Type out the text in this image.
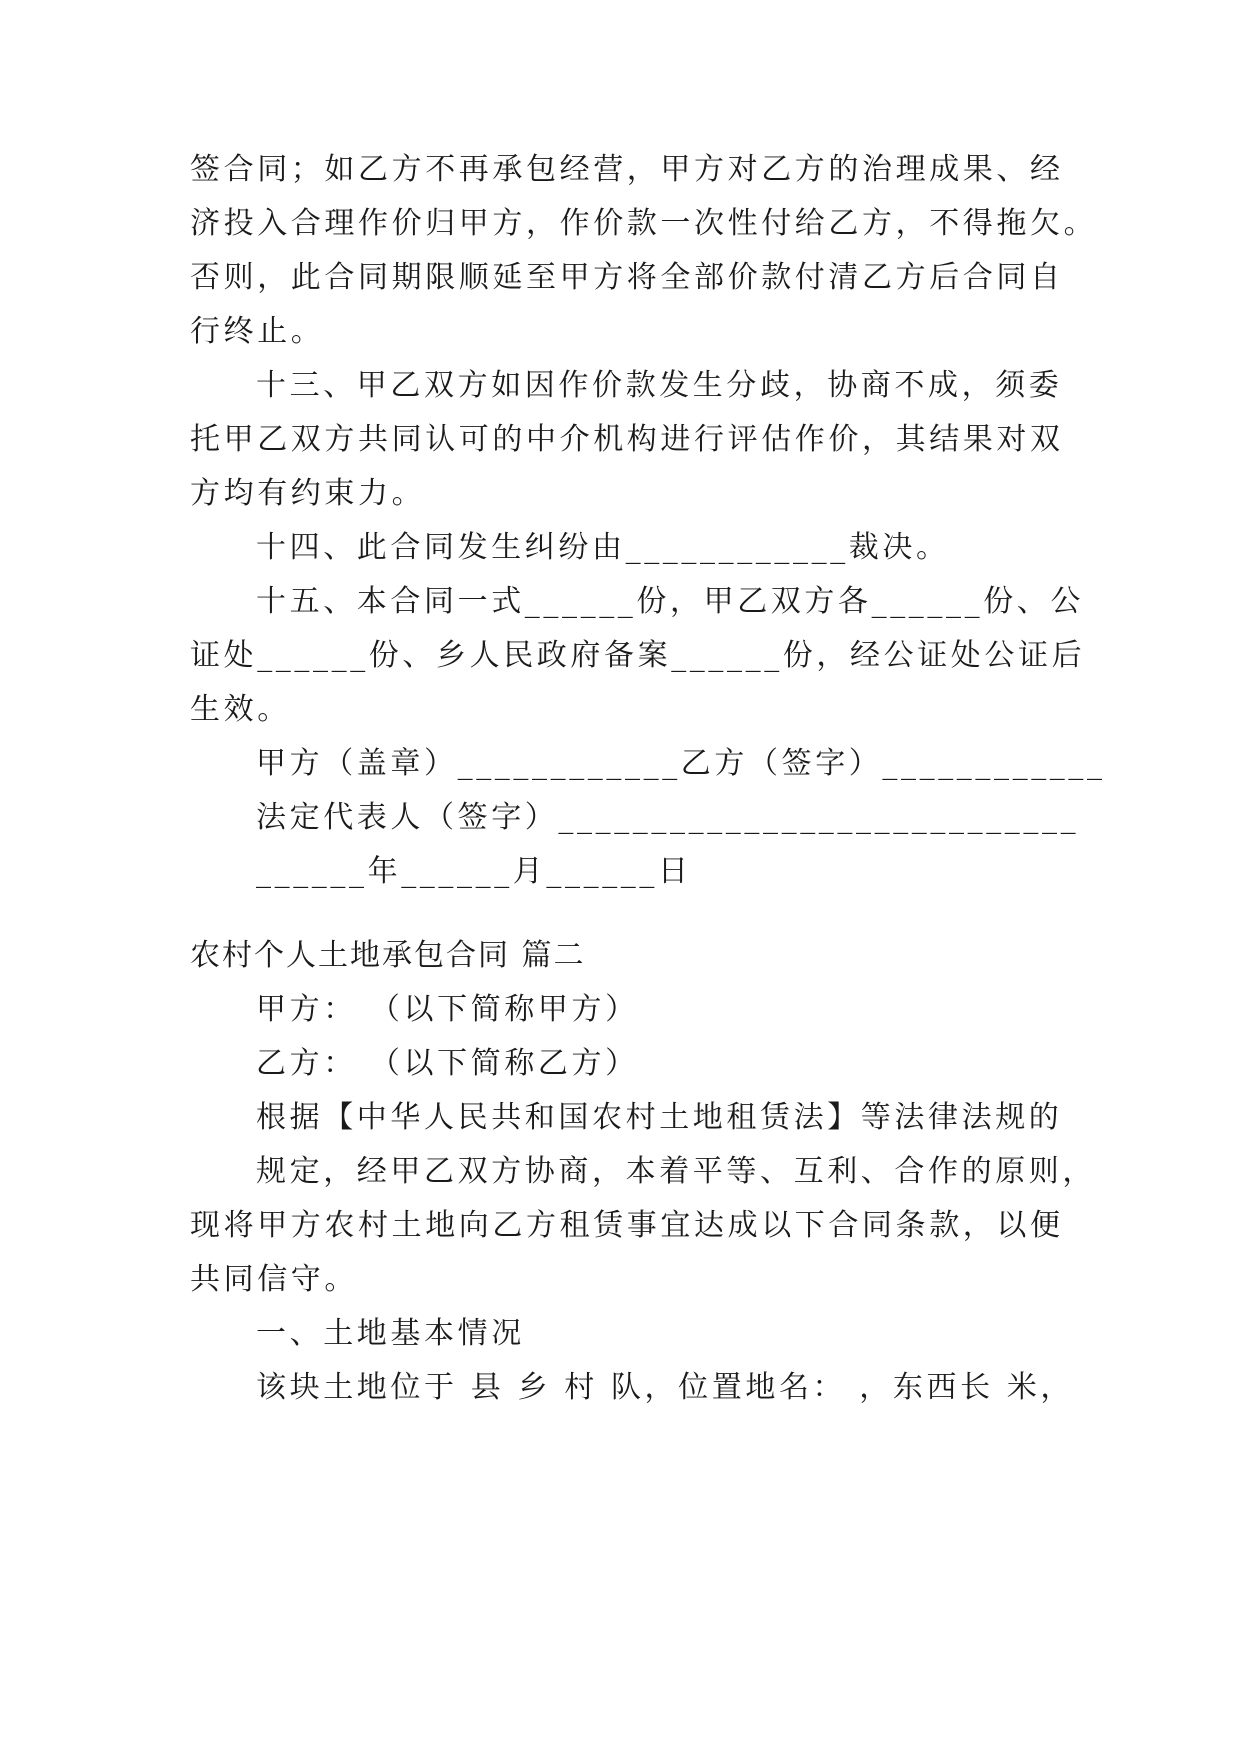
签合同；如乙方不再承包经营，甲方对乙方的治理成果、经
济投入合理作价归甲方，作价款一次性付给乙方，不得拖欠。
否则，此合同期限顺延至甲方将全部价款付清乙方后合同自
行终止。
十三、甲乙双方如因作价款发生分歧，协商不成，须委
托甲乙双方共同认可的中介机构进行评估作价，其结果对双
方均有约束力。
十四、此合同发生纠纷由____________裁决。
十五、本合同一式______份，甲乙双方各______份、公
证处______份、乡人民政府备案______份，经公证处公证后
生效。
甲方（盖章）____________乙方（签字）____________
法定代表人（签字）____________________________
______年______月______日
农村个人土地承包合同 篇二
甲方： （以下简称甲方）
乙方： （以下简称乙方）
根据【中华人民共和国农村土地租赁法】等法律法规的
规定，经甲乙双方协商，本着平等、互利、合作的原则，
现将甲方农村土地向乙方租赁事宜达成以下合同条款，以便
共同信守。
一、土地基本情况
该块土地位于 县 乡 村 队，位置地名： ，东西长 米，
